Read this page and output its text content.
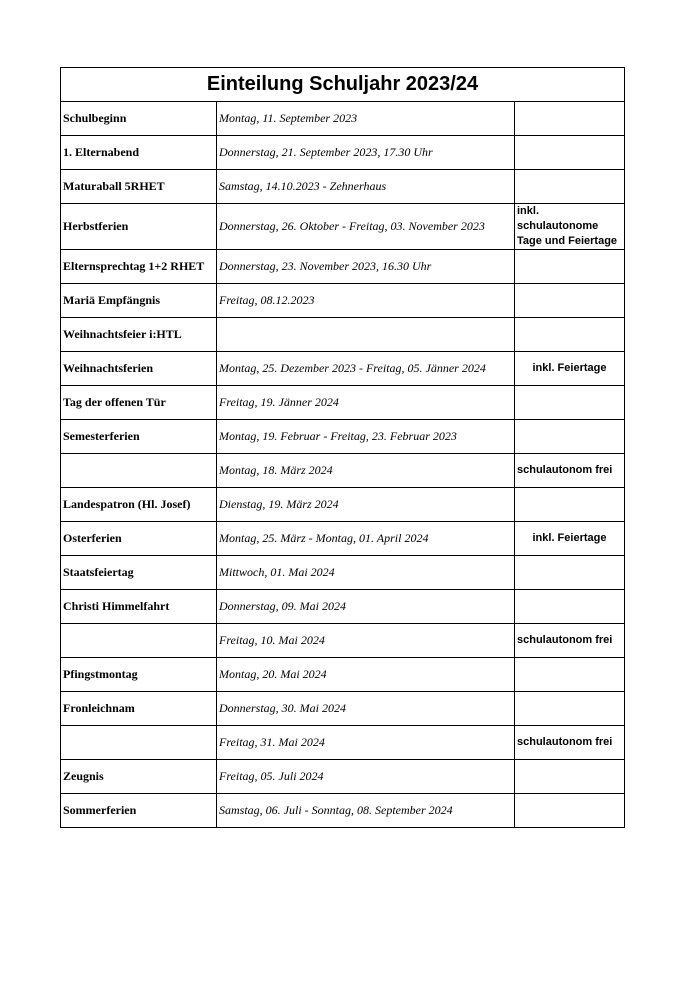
Einteilung Schuljahr 2023/24		
Schulbeginn	Montag, 11. September 2023	
1. Elternabend	Donnerstag, 21. September 2023, 17.30 Uhr	
Maturaball 5RHET	Samstag, 14.10.2023 - Zehnerhaus	
Herbstferien	Donnerstag, 26. Oktober - Freitag, 03. November 2023	inkl. schulautonome Tage und Feiertage
Elternsprechtag 1+2 RHET	Donnerstag, 23. November 2023, 16.30 Uhr	
Mariä Empfängnis	Freitag, 08.12.2023	
Weihnachtsfeier i:HTL		
Weihnachtsferien	Montag, 25. Dezember 2023 - Freitag, 05. Jänner 2024	inkl. Feiertage
Tag der offenen Tür	Freitag, 19. Jänner 2024	
Semesterferien	Montag, 19. Februar - Freitag, 23. Februar 2023	
	Montag, 18. März 2024	schulautonom frei
Landespatron (Hl. Josef)	Dienstag, 19. März 2024	
Osterferien	Montag, 25. März - Montag, 01. April 2024	inkl. Feiertage
Staatsfeiertag	Mittwoch, 01. Mai 2024	
Christi Himmelfahrt	Donnerstag, 09. Mai 2024	
	Freitag, 10. Mai 2024	schulautonom frei
Pfingstmontag	Montag, 20. Mai 2024	
Fronleichnam	Donnerstag, 30. Mai 2024	
	Freitag, 31. Mai 2024	schulautonom frei
Zeugnis	Freitag, 05. Juli 2024	
Sommerferien	Samstag, 06. Juli - Sonntag, 08. September 2024	
